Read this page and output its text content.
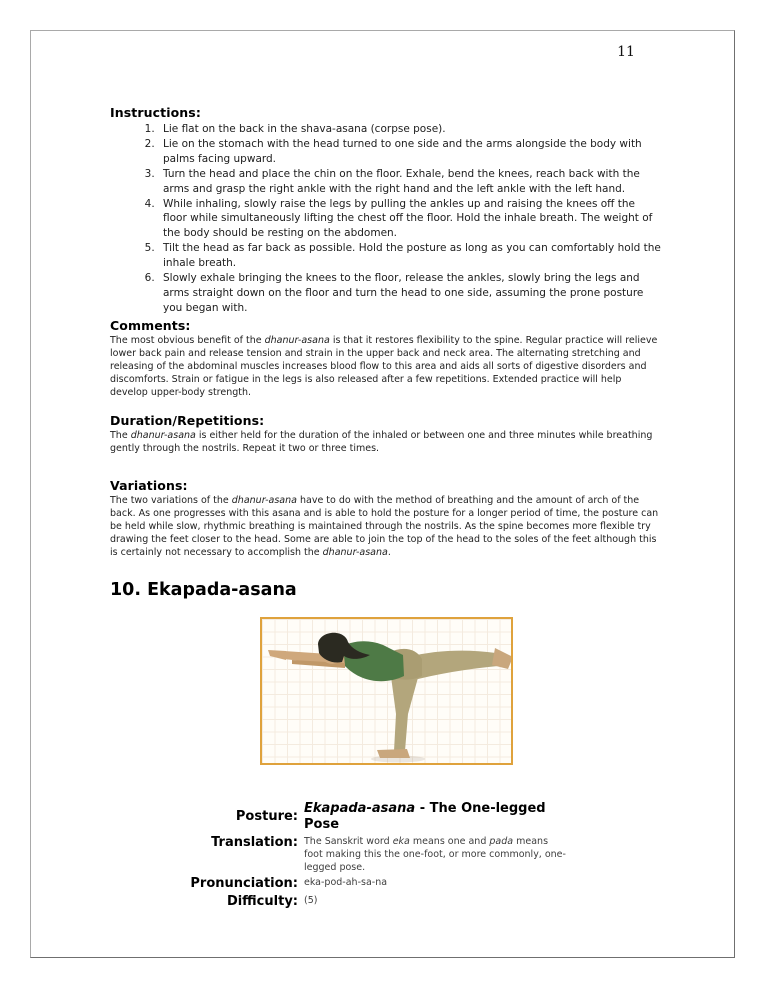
11
Instructions:
1. Lie flat on the back in the shava-asana (corpse pose).
2. Lie on the stomach with the head turned to one side and the arms alongside the body with palms facing upward.
3. Turn the head and place the chin on the floor. Exhale, bend the knees, reach back with the arms and grasp the right ankle with the right hand and the left ankle with the left hand.
4. While inhaling, slowly raise the legs by pulling the ankles up and raising the knees off the floor while simultaneously lifting the chest off the floor. Hold the inhale breath. The weight of the body should be resting on the abdomen.
5. Tilt the head as far back as possible. Hold the posture as long as you can comfortably hold the inhale breath.
6. Slowly exhale bringing the knees to the floor, release the ankles, slowly bring the legs and arms straight down on the floor and turn the head to one side, assuming the prone posture you began with.
Comments:

The most obvious benefit of the dhanur-asana is that it restores flexibility to the spine. Regular practice will relieve lower back pain and release tension and strain in the upper back and neck area. The alternating stretching and releasing of the abdominal muscles increases blood flow to this area and aids all sorts of digestive disorders and discomforts. Strain or fatigue in the legs is also released after a few repetitions. Extended practice will help develop upper-body strength.

Duration/Repetitions:

The dhanur-asana is either held for the duration of the inhaled or between one and three minutes while breathing gently through the nostrils. Repeat it two or three times.

Variations:

The two variations of the dhanur-asana have to do with the method of breathing and the amount of arch of the back. As one progresses with this asana and is able to hold the posture for a longer period of time, the posture can be held while slow, rhythmic breathing is maintained through the nostrils. As the spine becomes more flexible try drawing the feet closer to the head. Some are able to join the top of the head to the soles of the feet although this is certainly not necessary to accomplish the dhanur-asana.

10. Ekapada-asana
Posture:
Ekapada-asana - The One-legged Pose
Translation: The Sanskrit word eka means one and pada means foot making this the one-foot, or more commonly, one-legged pose.
Pronunciation: eka-pod-ah-sa-na
Difficulty: (5)
